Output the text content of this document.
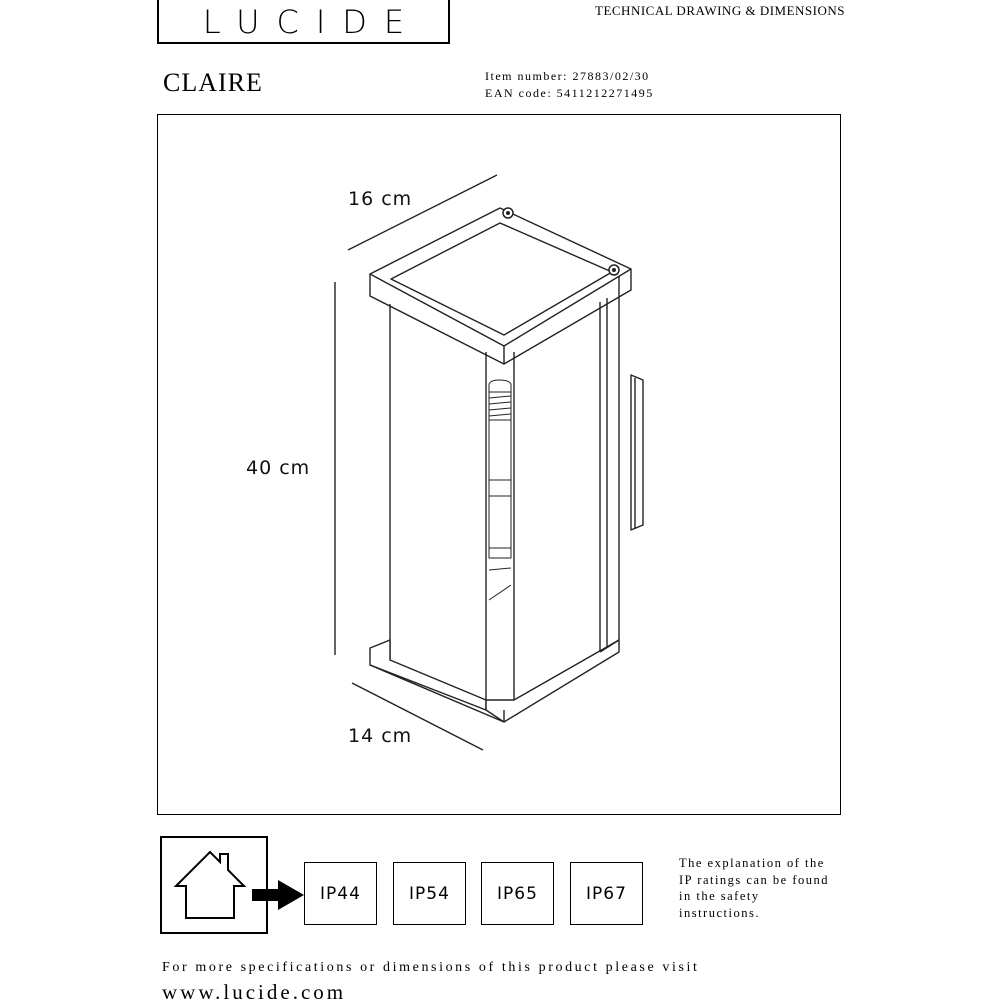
LUCIDE	TECHNICAL DRAWING & DIMENSIONS
CLAIRE	Item number: 27883/02/30
EAN code: 5411212271495
16 cm
40 cm
14 cm
IP44	IP54	IP65	IP67
The explanation of the
IP ratings can be found
in the safety
instructions.
For more specifications or dimensions of this product please visit
www.lucide.com
